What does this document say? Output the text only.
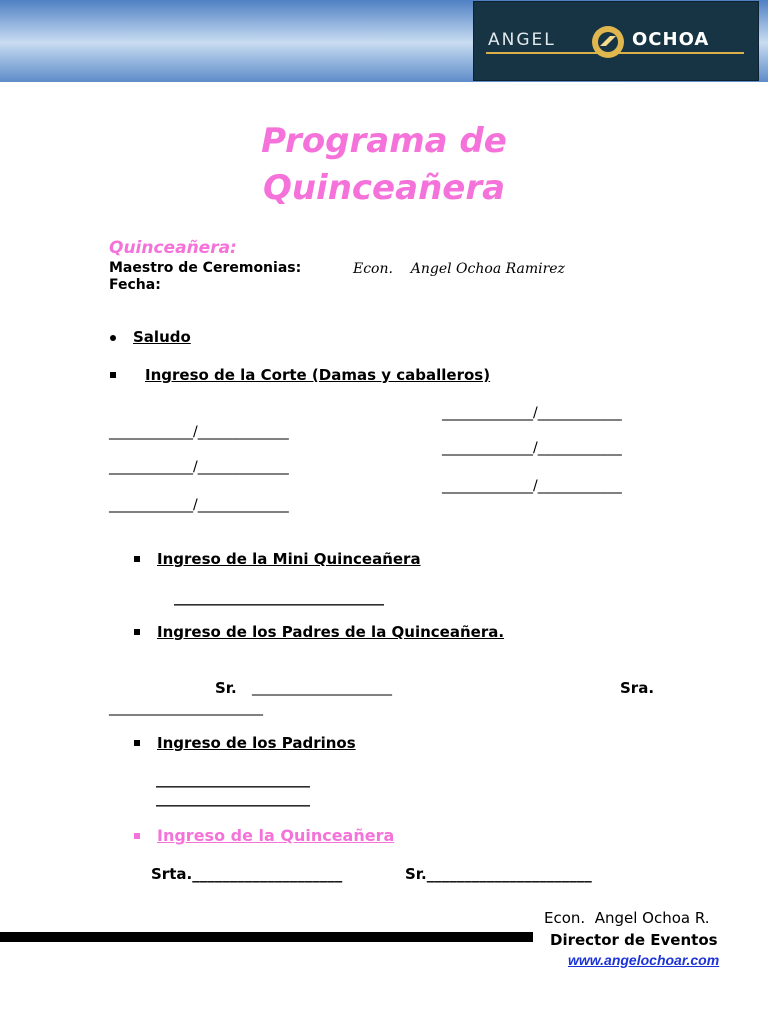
ANGEL	OCHOA
Programa de
Quinceañera
Quinceañera:
Maestro de Ceremonias:	Econ.    Angel Ochoa Ramirez
Fecha:
Saludo
Ingreso de la Corte (Damas y caballeros)
_____________/____________
____________/_____________
_____________/____________
____________/_____________
_____________/____________
____________/_____________
Ingreso de la Mini Quinceañera
______________________________
Ingreso de los Padres de la Quinceañera.
Sr. ____________________	Sra.
______________________
Ingreso de los Padrinos
______________________
______________________
Ingreso de la Quinceañera
Srta.____________________	Sr.______________________
Econ.  Angel Ochoa R.
Director de Eventos
www.angelochoar.com
